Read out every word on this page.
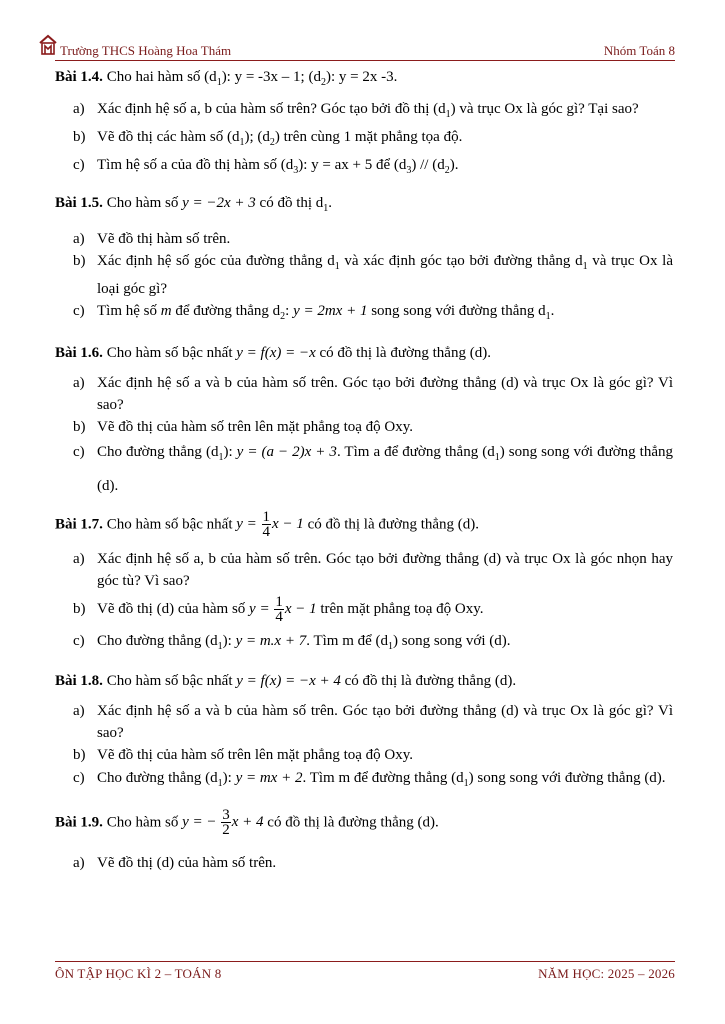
Trường THCS Hoàng Hoa Thám	Nhóm Toán 8

Bài 1.4. Cho hai hàm số $(d_1)$: y = -3x – 1; $(d_2)$: y = 2x -3.

a) Xác định hệ số a, b của hàm số trên? Góc tạo bởi đồ thị $(d_1)$ và trục Ox là góc gì? Tại sao?
b) Vẽ đồ thị các hàm số $(d_1)$; $(d_2)$ trên cùng 1 mặt phẳng tọa độ.
c) Tìm hệ số a của đồ thị hàm số $(d_3)$: y = ax + 5 để $(d_3) // (d_2)$.

Bài 1.5. Cho hàm số y = −2x + 3 có đồ thị $d_1$.

a) Vẽ đồ thị hàm số trên.
b) Xác định hệ số góc của đường thẳng $d_1$ và xác định góc tạo bởi đường thẳng $d_1$ và trục Ox là loại góc gì?
c) Tìm hệ số m để đường thẳng $d_2$: y = 2mx + 1 song song với đường thẳng $d_1$.

Bài 1.6. Cho hàm số bậc nhất y = f(x) = −x có đồ thị là đường thẳng (d).

a) Xác định hệ số a và b của hàm số trên. Góc tạo bởi đường thẳng (d) và trục Ox là góc gì? Vì sao?
b) Vẽ đồ thị của hàm số trên lên mặt phẳng toạ độ Oxy.
c) Cho đường thẳng $(d_1)$: y = (a − 2)x + 3. Tìm a để đường thẳng $(d_1)$ song song với đường thẳng (d).

Bài 1.7. Cho hàm số bậc nhất $y = \frac{1}{4}$ x − 1 có đồ thị là đường thẳng (d).

a) Xác định hệ số a, b của hàm số trên. Góc tạo bởi đường thẳng (d) và trục Ox là góc nhọn hay góc tù? Vì sao?
b) Vẽ đồ thị (d) của hàm số $y = \frac{1}{4}$ x − 1 trên mặt phẳng toạ độ Oxy.
c) Cho đường thẳng $(d_1)$: y = m.x + 7. Tìm m để $(d_1)$ song song với (d).

Bài 1.8. Cho hàm số bậc nhất y = f(x) = −x + 4 có đồ thị là đường thẳng (d).

a) Xác định hệ số a và b của hàm số trên. Góc tạo bởi đường thẳng (d) và trục Ox là góc gì? Vì sao?
b) Vẽ đồ thị của hàm số trên lên mặt phẳng toạ độ Oxy.
c) Cho đường thẳng $(d_1)$: y = mx + 2. Tìm m để đường thẳng $(d_1)$ song song với đường thẳng (d).

Bài 1.9. Cho hàm số y = − $\frac{3}{2}$ x + 4 có đồ thị là đường thẳng (d).

a) Vẽ đồ thị (d) của hàm số trên.
ÔN TẬP HỌC KÌ 2 – TOÁN 8	NĂM HỌC: 2025 – 2026
